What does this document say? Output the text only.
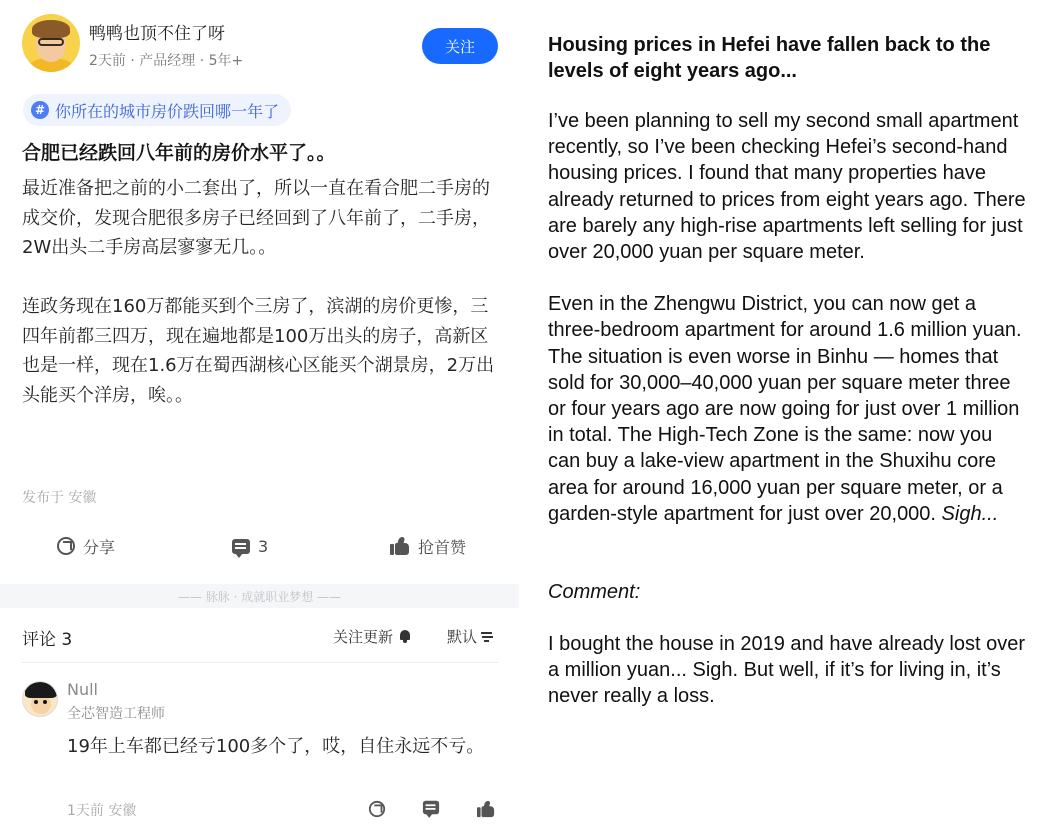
鸭鸭也顶不住了呀
2天前 · 产品经理 · 5年+
关注
# 你所在的城市房价跌回哪一年了
合肥已经跌回八年前的房价水平了。。

最近准备把之前的小二套出了，所以一直在看合肥二手房的成交价，发现合肥很多房子已经回到了八年前了，二手房，2W出头二手房高层寥寥无几。。

连政务现在160万都能买到个三房了，滨湖的房价更惨，三四年前都三四万，现在遍地都是100万出头的房子，高新区也是一样，现在1.6万在蜀西湖核心区能买个湖景房，2万出头能买个洋房，唉。。

发布于 安徽
分享	3	抢首赞
—— 脉脉 · 成就职业梦想 ——
评论 3	关注更新	默认
Null
全芯智造工程师
19年上车都已经亏100多个了，哎，自住永远不亏。
1天前 安徽
Housing prices in Hefei have fallen back to the levels of eight years ago...
I’ve been planning to sell my second small apartment recently, so I’ve been checking Hefei’s second-hand housing prices. I found that many properties have already returned to prices from eight years ago. There are barely any high-rise apartments left selling for just over 20,000 yuan per square meter.
Even in the Zhengwu District, you can now get a three-bedroom apartment for around 1.6 million yuan. The situation is even worse in Binhu — homes that sold for 30,000–40,000 yuan per square meter three or four years ago are now going for just over 1 million in total. The High-Tech Zone is the same: now you can buy a lake-view apartment in the Shuxihu core area for around 16,000 yuan per square meter, or a garden-style apartment for just over 20,000. Sigh...
Comment:
I bought the house in 2019 and have already lost over a million yuan... Sigh. But well, if it’s for living in, it’s never really a loss.
